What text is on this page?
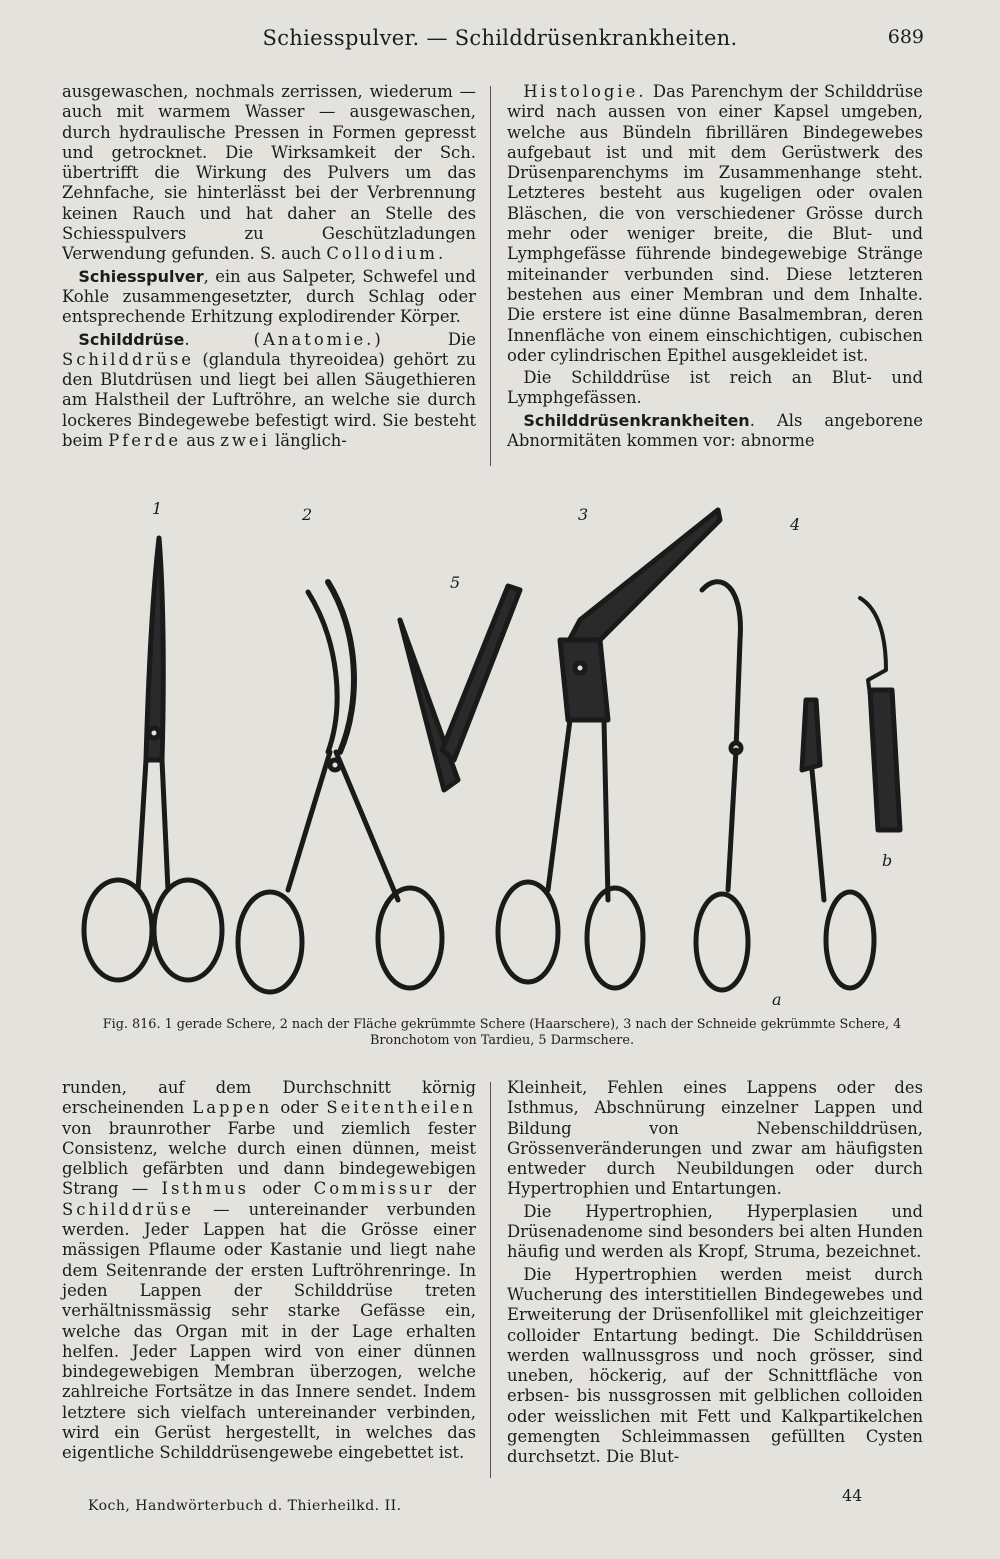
Schiesspulver. — Schilddrüsenkrankheiten.	689

ausgewaschen, nochmals zerrissen, wiederum — auch mit warmem Wasser — ausgewaschen, durch hydraulische Pressen in Formen gepresst und getrocknet. Die Wirksamkeit der Sch. übertrifft die Wirkung des Pulvers um das Zehnfache, sie hinterlässt bei der Verbrennung keinen Rauch und hat daher an Stelle des Schiesspulvers zu Geschützladungen Verwendung gefunden. S. auch Collodium.

 Schiesspulver, ein aus Salpeter, Schwefel und Kohle zusammengesetzter, durch Schlag oder entsprechende Erhitzung explodirender Körper.

 Schilddrüse. (Anatomie.) Die Schilddrüse (glandula thyreoidea) gehört zu den Blutdrüsen und liegt bei allen Säugethieren am Halstheil der Luftröhre, an welche sie durch lockeres Bindegewebe befestigt wird. Sie besteht beim Pferde aus zwei länglich-

 Histologie. Das Parenchym der Schilddrüse wird nach aussen von einer Kapsel umgeben, welche aus Bündeln fibrillären Bindegewebes aufgebaut ist und mit dem Gerüstwerk des Drüsenparenchyms im Zusammenhange steht. Letzteres besteht aus kugeligen oder ovalen Bläschen, die von verschiedener Grösse durch mehr oder weniger breite, die Blut- und Lymphgefässe führende bindegewebige Stränge miteinander verbunden sind. Diese letzteren bestehen aus einer Membran und dem Inhalte. Die erstere ist eine dünne Basalmembran, deren Innenfläche von einem einschichtigen, cubischen oder cylindrischen Epithel ausgekleidet ist.

 Die Schilddrüse ist reich an Blut- und Lymphgefässen.

 Schilddrüsenkrankheiten. Als angeborene Abnormitäten kommen vor: abnorme

1	2	3
4
5
a
b
Fig. 816. 1 gerade Schere, 2 nach der Fläche gekrümmte Schere (Haarschere), 3 nach der Schneide gekrümmte Schere, 4 Bronchotom von Tardieu, 5 Darmschere.

runden, auf dem Durchschnitt körnig erscheinenden Lappen oder Seitentheilen von braunrother Farbe und ziemlich fester Consistenz, welche durch einen dünnen, meist gelblich gefärbten und dann bindegewebigen Strang — Isthmus oder Commissur der Schilddrüse — untereinander verbunden werden. Jeder Lappen hat die Grösse einer mässigen Pflaume oder Kastanie und liegt nahe dem Seitenrande der ersten Luftröhrenringe. In jeden Lappen der Schilddrüse treten verhältnissmässig sehr starke Gefässe ein, welche das Organ mit in der Lage erhalten helfen. Jeder Lappen wird von einer dünnen bindegewebigen Membran überzogen, welche zahlreiche Fortsätze in das Innere sendet. Indem letztere sich vielfach untereinander verbinden, wird ein Gerüst hergestellt, in welches das eigentliche Schilddrüsengewebe eingebettet ist.

Kleinheit, Fehlen eines Lappens oder des Isthmus, Abschnürung einzelner Lappen und Bildung von Nebenschilddrüsen, Grössenveränderungen und zwar am häufigsten entweder durch Neubildungen oder durch Hypertrophien und Entartungen.

 Die Hypertrophien, Hyperplasien und Drüsenadenome sind besonders bei alten Hunden häufig und werden als Kropf, Struma, bezeichnet.

 Die Hypertrophien werden meist durch Wucherung des interstitiellen Bindegewebes und Erweiterung der Drüsenfollikel mit gleichzeitiger colloider Entartung bedingt. Die Schilddrüsen werden wallnussgross und noch grösser, sind uneben, höckerig, auf der Schnittfläche von erbsen- bis nussgrossen mit gelblichen colloiden oder weisslichen mit Fett und Kalkpartikelchen gemengten Schleimmassen gefüllten Cysten durchsetzt. Die Blut-

Koch, Handwörterbuch d. Thierheilkd. II.
44
